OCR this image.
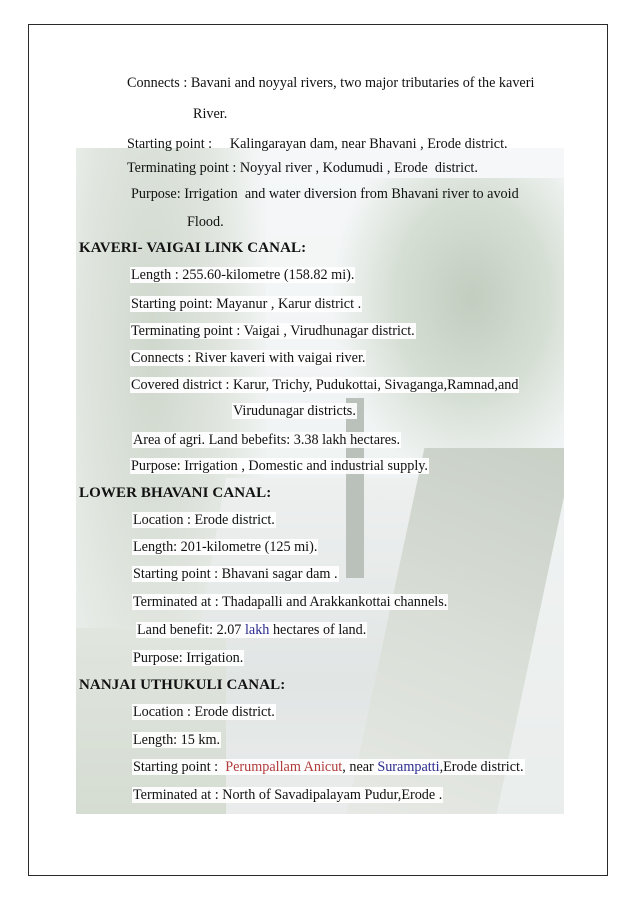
Connects : Bavani and noyyal rivers, two major tributaries of the kaveri
River.
Starting point :     Kalingarayan dam, near Bhavani , Erode district.
Terminating point : Noyyal river , Kodumudi , Erode  district.
Purpose: Irrigation  and water diversion from Bhavani river to avoid
Flood.
KAVERI- VAIGAI LINK CANAL:
Length : 255.60-kilometre (158.82 mi).
Starting point: Mayanur , Karur district .
Terminating point : Vaigai , Virudhunagar district.
Connects : River kaveri with vaigai river.
Covered district : Karur, Trichy, Pudukottai, Sivaganga,Ramnad,and
Virudunagar districts.
Area of agri. Land bebefits: 3.38 lakh hectares.
Purpose: Irrigation , Domestic and industrial supply.
LOWER BHAVANI CANAL:
Location : Erode district.
Length: 201-kilometre (125 mi).
Starting point : Bhavani sagar dam .
Terminated at : Thadapalli and Arakkankottai channels.
Land benefit: 2.07 lakh hectares of land.
Purpose: Irrigation.
NANJAI UTHUKULI CANAL:
Location : Erode district.
Length: 15 km.
Starting point :  Perumpallam Anicut, near Surampatti,Erode district.
Terminated at : North of Savadipalayam Pudur,Erode .
